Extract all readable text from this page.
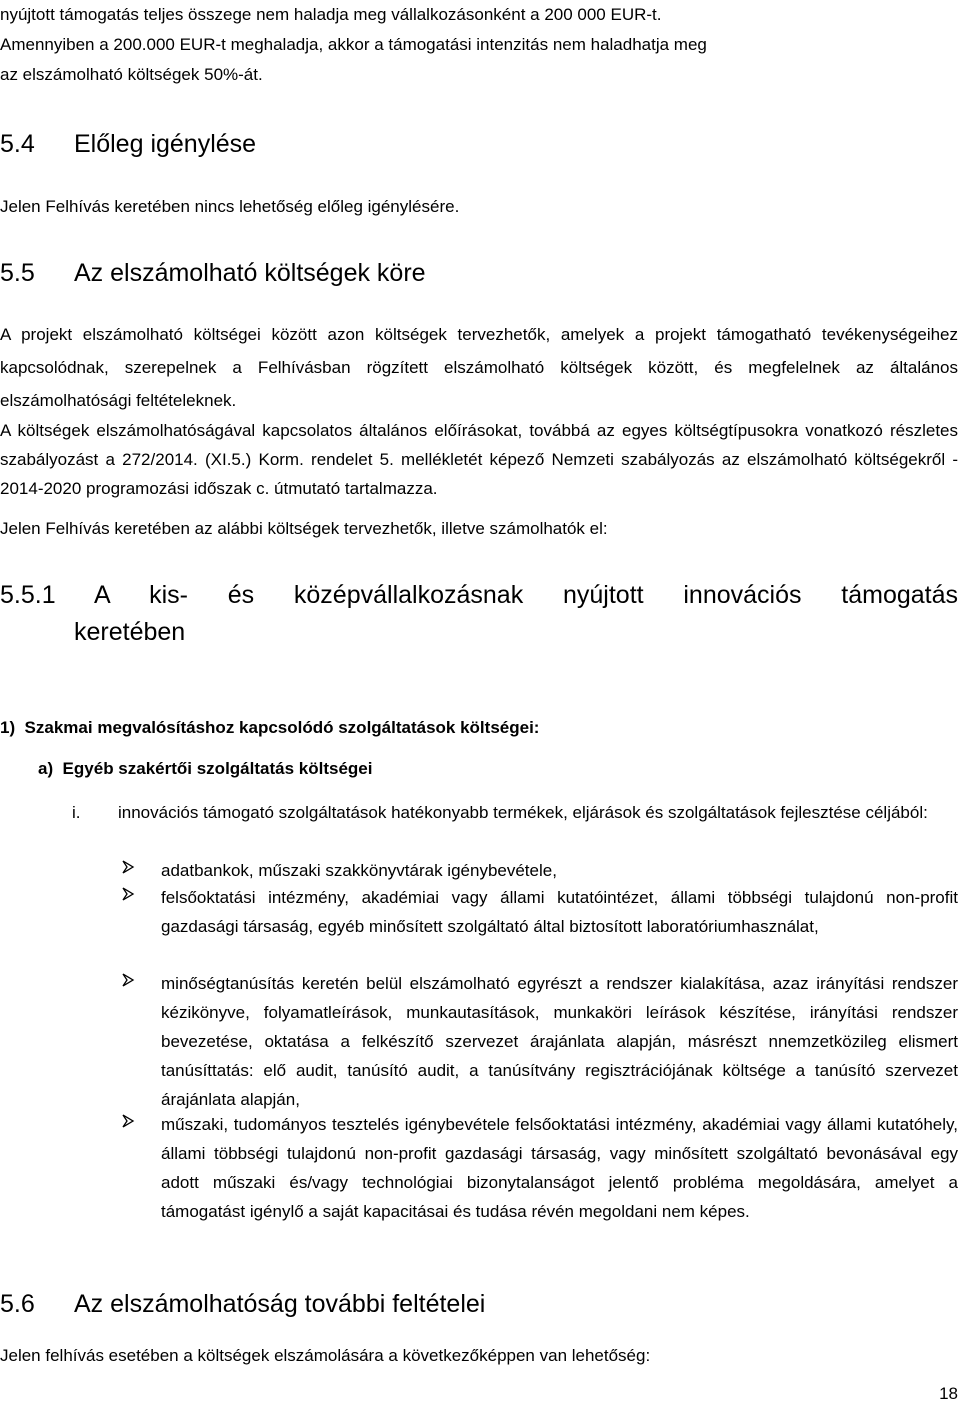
nyújtott támogatás teljes összege nem haladja meg vállalkozásonként a 200 000 EUR-t.

Amennyiben a 200.000 EUR-t meghaladja, akkor a támogatási intenzitás nem haladhatja meg

az elszámolható költségek 50%-át.

5.4 Előleg igénylése

Jelen Felhívás keretében nincs lehetőség előleg igénylésére.

5.5 Az elszámolható költségek köre

A projekt elszámolható költségei között azon költségek tervezhetők, amelyek a projekt támogatható tevékenységeihez kapcsolódnak, szerepelnek a Felhívásban rögzített elszámolható költségek között, és megfelelnek az általános elszámolhatósági feltételeknek.

A költségek elszámolhatóságával kapcsolatos általános előírásokat, továbbá az egyes költségtípusokra vonatkozó részletes szabályozást a 272/2014. (XI.5.) Korm. rendelet 5. mellékletét képező Nemzeti szabályozás az elszámolható költségekről - 2014-2020 programozási időszak c. útmutató tartalmazza.

Jelen Felhívás keretében az alábbi költségek tervezhetők, illetve számolhatók el:

5.5.1 A kis- és középvállalkozásnak nyújtott innovációs támogatás

keretében

1)  Szakmai megvalósításhoz kapcsolódó szolgáltatások költségei:

a)  Egyéb szakértői szolgáltatás költségei

i. innovációs támogató szolgáltatások hatékonyabb termékek, eljárások és szolgáltatások fejlesztése céljából:

adatbankok, műszaki szakkönyvtárak igénybevétele,

felsőoktatási intézmény, akadémiai vagy állami kutatóintézet, állami többségi tulajdonú non-profit gazdasági társaság, egyéb minősített szolgáltató által biztosított laboratóriumhasználat,

minőségtanúsítás keretén belül elszámolható egyrészt a rendszer kialakítása, azaz irányítási rendszer kézikönyve, folyamatleírások, munkautasítások, munkaköri leírások készítése, irányítási rendszer bevezetése, oktatása a felkészítő szervezet árajánlata alapján, másrészt nnemzetközileg elismert tanúsíttatás: elő audit, tanúsító audit, a tanúsítvány regisztrációjának költsége a tanúsító szervezet árajánlata alapján,

műszaki, tudományos tesztelés igénybevétele felsőoktatási intézmény, akadémiai vagy állami kutatóhely, állami többségi tulajdonú non-profit gazdasági társaság, vagy minősített szolgáltató bevonásával egy adott műszaki és/vagy technológiai bizonytalanságot jelentő probléma megoldására, amelyet a támogatást igénylő a saját kapacitásai és tudása révén megoldani nem képes.

5.6 Az elszámolhatóság további feltételei

Jelen felhívás esetében a költségek elszámolására a következőképpen van lehetőség:

18
